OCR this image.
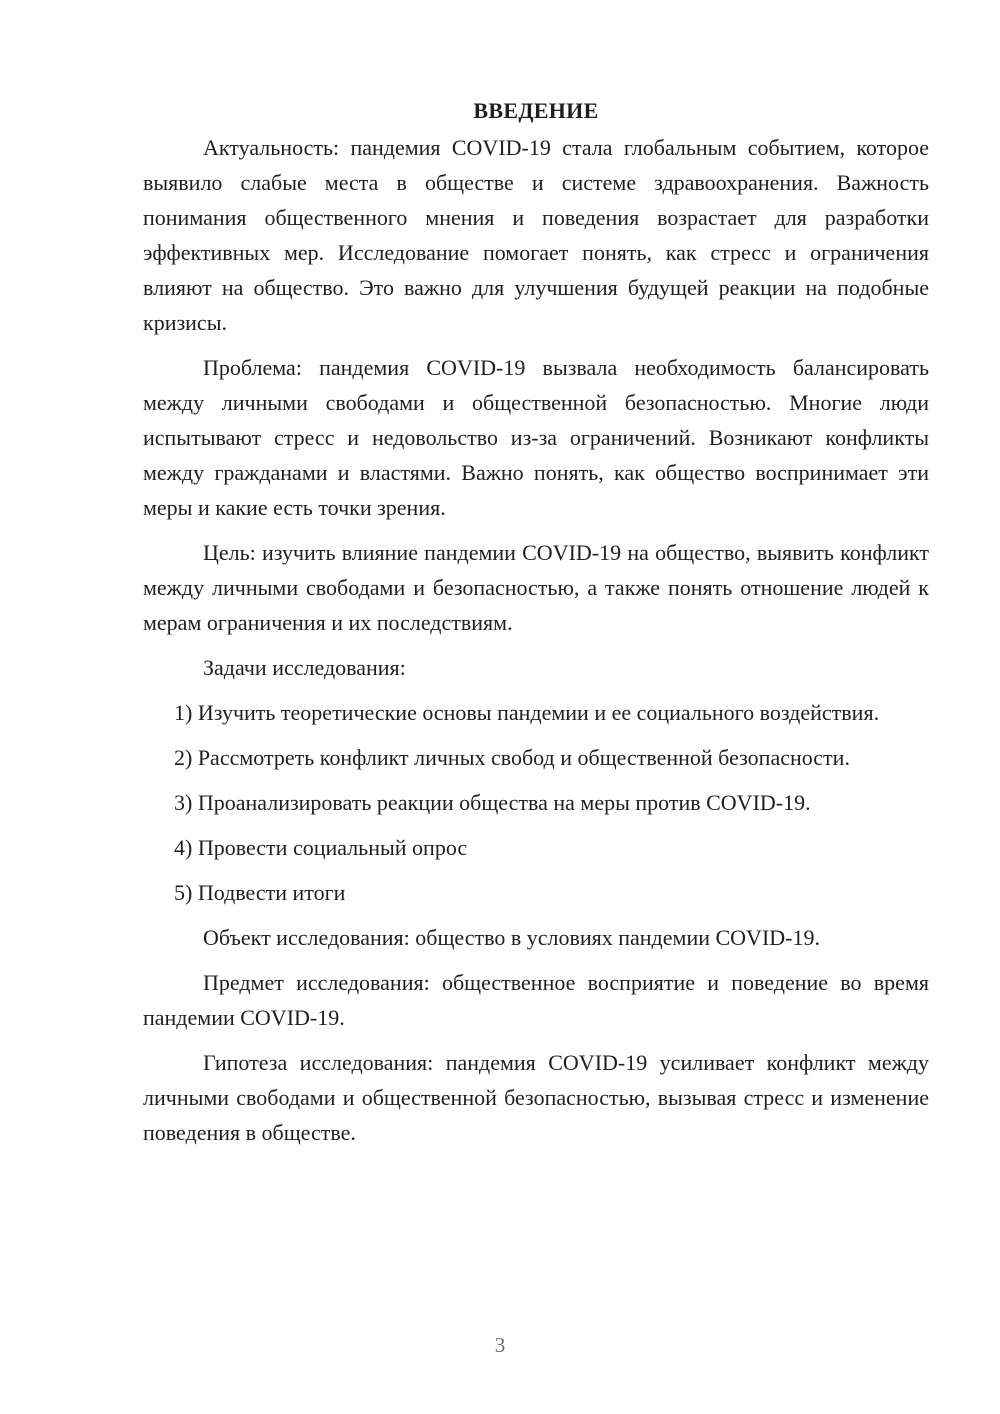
ВВЕДЕНИЕ

Актуальность: пандемия COVID-19 стала глобальным событием, которое выявило слабые места в обществе и системе здравоохранения. Важность понимания общественного мнения и поведения возрастает для разработки эффективных мер. Исследование помогает понять, как стресс и ограничения влияют на общество. Это важно для улучшения будущей реакции на подобные кризисы.

Проблема: пандемия COVID-19 вызвала необходимость балансировать между личными свободами и общественной безопасностью. Многие люди испытывают стресс и недовольство из-за ограничений. Возникают конфликты между гражданами и властями. Важно понять, как общество воспринимает эти меры и какие есть точки зрения.

Цель: изучить влияние пандемии COVID-19 на общество, выявить конфликт между личными свободами и безопасностью, а также понять отношение людей к мерам ограничения и их последствиям.

Задачи исследования:

1) Изучить теоретические основы пандемии и ее социального воздействия.

2) Рассмотреть конфликт личных свобод и общественной безопасности.

3) Проанализировать реакции общества на меры против COVID-19.

4) Провести социальный опрос

5) Подвести итоги

Объект исследования: общество в условиях пандемии COVID-19.

Предмет исследования: общественное восприятие и поведение во время пандемии COVID-19.

Гипотеза исследования: пандемия COVID-19 усиливает конфликт между личными свободами и общественной безопасностью, вызывая стресс и изменение поведения в обществе.

3
